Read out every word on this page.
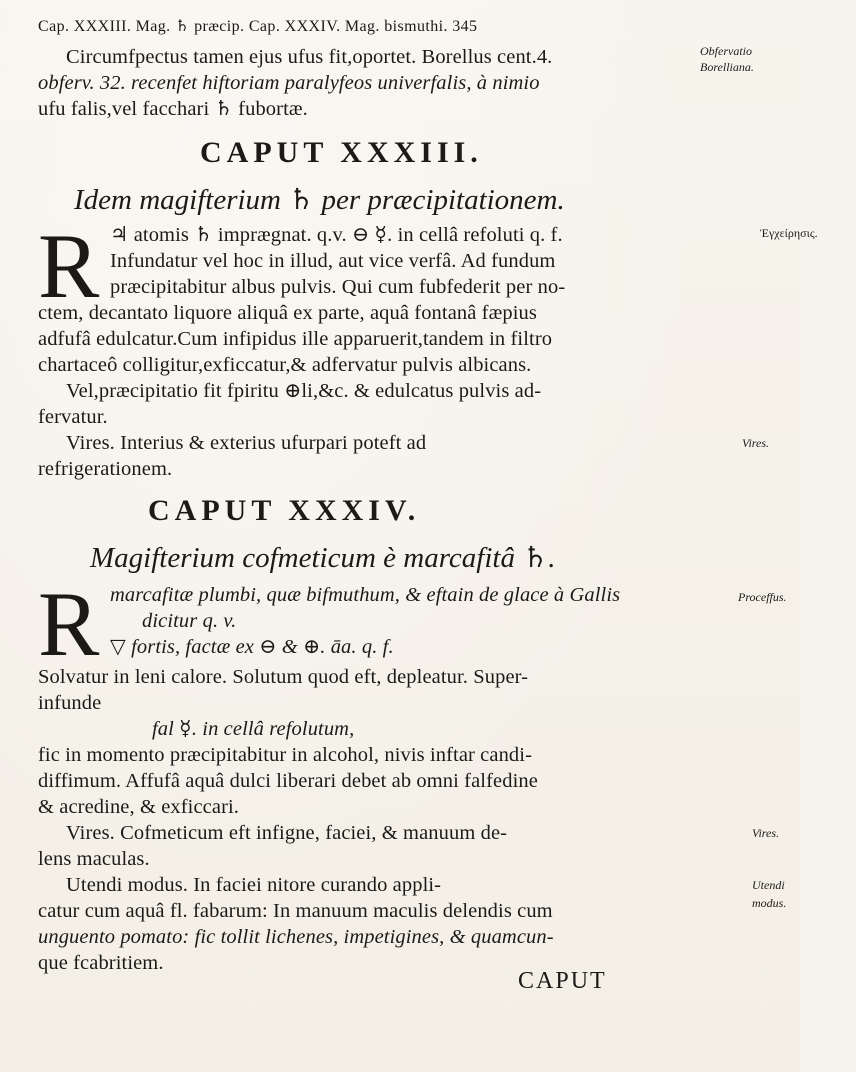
Cap. XXXIII. Mag. ♄ præcip. Cap. XXXIV. Mag. bismuthi. 345
Circumfpectus tamen ejus ufus fit,oportet. Borellus cent.4.
obferv. 32. recenfet hiftoriam paralyfeos univerfalis, à nimio
ufu falis,vel facchari ♄ fubortæ.
CAPUT XXXIII.
Idem magifterium ♄ per præcipitationem.
R ♃ atomis ♄ imprægnat. q.v. ⊖ ☿. in cellâ refoluti q. f.
Infundatur vel hoc in illud, aut vice verfâ. Ad fundum
præcipitabitur albus pulvis. Qui cum fubfederit per no-
ctem, decantato liquore aliquâ ex parte, aquâ fontanâ fæpius
adfufâ edulcatur.Cum infipidus ille apparuerit,tandem in filtro
chartaceô colligitur,exficcatur,& adfervatur pulvis albicans.
Vel,præcipitatio fit fpiritu ⊕li,&c. & edulcatus pulvis ad-
fervatur.
Vires. Interius & exterius ufurpari poteft ad
refrigerationem.
CAPUT XXXIV.
Magifterium cofmeticum è marcafitâ ♄.
R marcafitæ plumbi, quæ bifmuthum, & eftain de glace à Gallis
dicitur q. v.
▽ fortis, factæ ex ⊖ & ⊕. āa. q. f.
Solvatur in leni calore. Solutum quod eft, depleatur. Super-
infunde
fal ☿. in cellâ refolutum,
fic in momento præcipitabitur in alcohol, nivis inftar candi-
diffimum. Affufâ aquâ dulci liberari debet ab omni falfedine
& acredine, & exficcari.
Vires. Cofmeticum eft infigne, faciei, & manuum de-
lens maculas.
Utendi modus. In faciei nitore curando appli-
catur cum aquâ fl. fabarum: In manuum maculis delendis cum
unguento pomato: fic tollit lichenes, impetigines, & quamcun-
que fcabritiem.
CAPUT
Obfervatio
Borelliana.
Ἐγχείρησις.
Vires.
Proceffus.
Vires.
Utendi
modus.
